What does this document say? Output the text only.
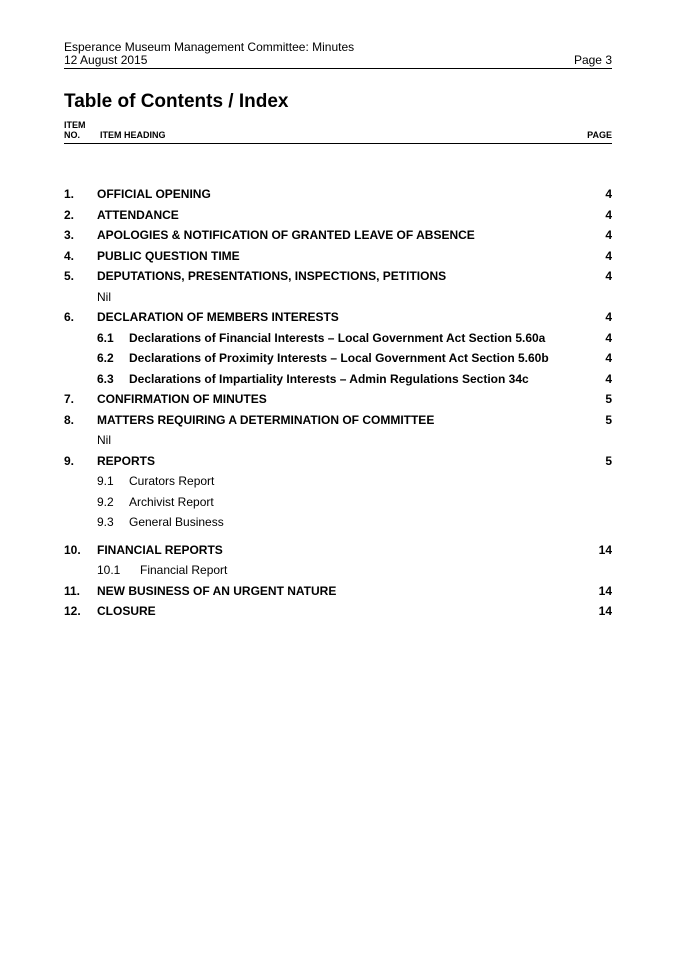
Esperance Museum Management Committee: Minutes
12 August 2015	Page 3
Table of Contents / Index
ITEM
NO. ITEM HEADING	PAGE
1. OFFICIAL OPENING	4
2. ATTENDANCE	4
3. APOLOGIES & NOTIFICATION OF GRANTED LEAVE OF ABSENCE	4
4. PUBLIC QUESTION TIME	4
5. DEPUTATIONS, PRESENTATIONS, INSPECTIONS, PETITIONS	4
Nil
6. DECLARATION OF MEMBERS INTERESTS	4
6.1 Declarations of Financial Interests – Local Government Act Section 5.60a	4
6.2 Declarations of Proximity Interests – Local Government Act Section 5.60b	4
6.3 Declarations of Impartiality Interests – Admin Regulations Section 34c	4
7. CONFIRMATION OF MINUTES	5
8. MATTERS REQUIRING A DETERMINATION OF COMMITTEE	5
Nil
9. REPORTS	5
9.1 Curators Report
9.2 Archivist Report
9.3 General Business
10. FINANCIAL REPORTS	14
10.1 Financial Report
11. NEW BUSINESS OF AN URGENT NATURE	14
12. CLOSURE	14
